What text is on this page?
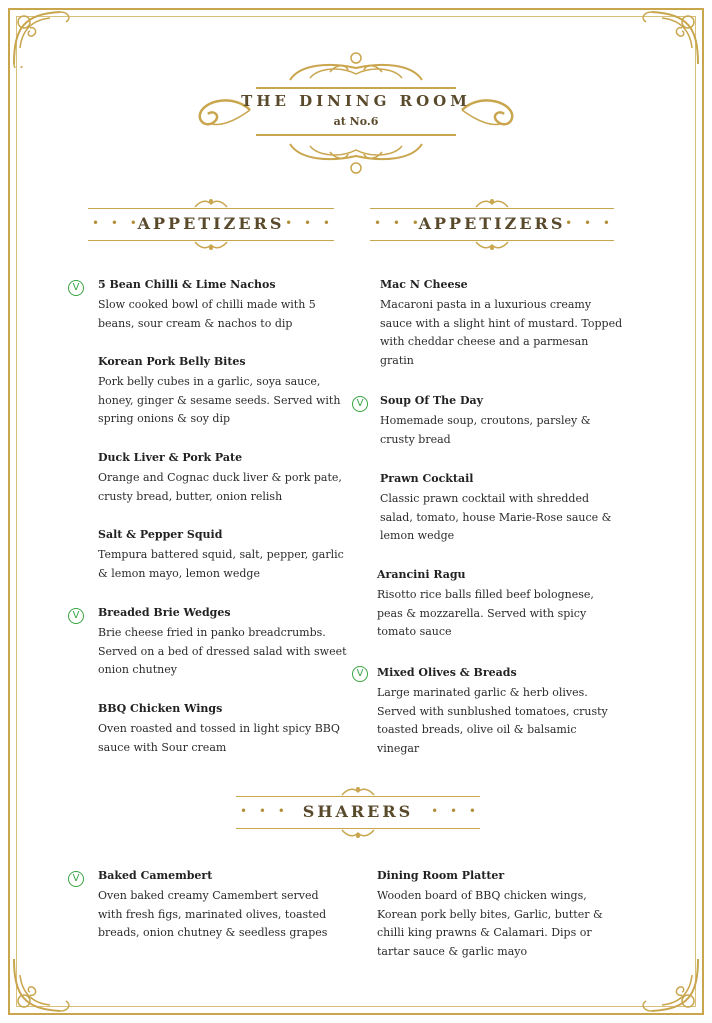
THE DINING ROOM
at No.6
• • •
APPETIZERS • • •	• • •
APPETIZERS • • •
• • • SHARERS	• • •
5 Bean Chilli & Lime Nachos
Slow cooked bowl of chilli made with 5 beans, sour cream & nachos to dip
V
Korean Pork Belly Bites
Pork belly cubes in a garlic, soya sauce, honey, ginger & sesame seeds. Served with spring onions & soy dip
Duck Liver & Pork Pate
Orange and Cognac duck liver & pork pate, crusty bread, butter, onion relish
Salt & Pepper Squid
Tempura battered squid, salt, pepper, garlic & lemon mayo, lemon wedge
Breaded Brie Wedges
Brie cheese fried in panko breadcrumbs. Served on a bed of dressed salad with sweet onion chutney
V
BBQ Chicken Wings
Oven roasted and tossed in light spicy BBQ sauce with Sour cream
Mac N Cheese
Macaroni pasta in a luxurious creamy sauce with a slight hint of mustard. Topped with cheddar cheese and a parmesan gratin
Soup Of The Day
Homemade soup, croutons, parsley & crusty bread
V
Prawn Cocktail
Classic prawn cocktail with shredded salad, tomato, house Marie-Rose sauce & lemon wedge
Arancini Ragu
Risotto rice balls filled beef bolognese, peas & mozzarella. Served with spicy tomato sauce
Mixed Olives & Breads
Large marinated garlic & herb olives. Served with sunblushed tomatoes, crusty toasted breads, olive oil & balsamic vinegar
V
Baked Camembert
Oven baked creamy Camembert served with fresh figs, marinated olives, toasted breads, onion chutney & seedless grapes
V	Dining Room Platter
Wooden board of BBQ chicken wings, Korean pork belly bites, Garlic, butter & chilli king prawns & Calamari. Dips or tartar sauce & garlic mayo
